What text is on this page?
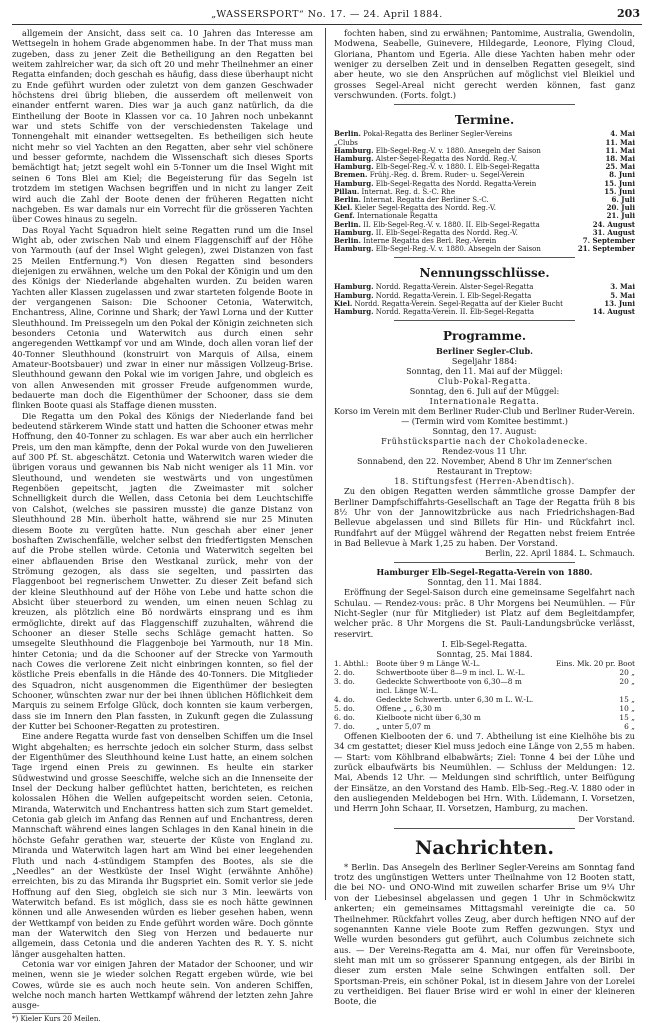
„WASSERSPORT“ No. 17. — 24. April 1884.	203

allgemein der Ansicht, dass seit ca. 10 Jahren das Interesse am Wettsegeln in hohem Grade abgenommen habe. In der That muss man zugeben, dass zu jener Zeit die Betheiligung an den Regatten bei weitem zahlreicher war, da sich oft 20 und mehr Theilnehmer an einer Regatta einfanden; doch geschah es häufig, dass diese überhaupt nicht zu Ende geführt wurden oder zuletzt von dem ganzen Geschwader höchstens drei übrig blieben, die ausserdem oft meilenweit von einander entfernt waren. Dies war ja auch ganz natürlich, da die Eintheilung der Boote in Klassen vor ca. 10 Jahren noch unbekannt war und stets Schiffe von der verschiedensten Takelage und Tonnengehalt mit einander wettsegelten. Es betheiligen sich heute nicht mehr so viel Yachten an den Regatten, aber sehr viel schönere und besser geformte, nachdem die Wissenschaft sich dieses Sports bemächtigt hat; jetzt segelt wohl ein 5-Tonner um die Insel Wight mit seinen 6 Tons Blei am Kiel; die Begeisterung für das Segeln ist trotzdem im stetigen Wachsen begriffen und in nicht zu langer Zeit wird auch die Zahl der Boote denen der früheren Regatten nicht nachgeben. Es war damals nur ein Vorrecht für die grösseren Yachten über Cowes hinaus zu segeln.

Das Royal Yacht Squadron hielt seine Regatten rund um die Insel Wight ab, oder zwischen Nab und einem Flaggenschiff auf der Höhe von Yarmouth (auf der Insel Wight gelegen), zwei Distanzen von fast 25 Meilen Entfernung.*) Von diesen Regatten sind besonders diejenigen zu erwähnen, welche um den Pokal der Königin und um den des Königs der Niederlande abgehalten wurden. Zu beiden waren Yachten aller Klassen zugelassen und zwar starteten folgende Boote in der vergangenen Saison: Die Schooner Cetonia, Waterwitch, Enchantress, Aline, Corinne und Shark; der Yawl Lorna und der Kutter Sleuthhound. Im Preissegeln um den Pokal der Königin zeichneten sich besonders Cetonia und Waterwitch aus durch einen sehr angeregenden Wettkampf vor und am Winde, doch allen voran lief der 40-Tonner Sleuthhound (konstruirt von Marquis of Ailsa, einem Amateur-Bootsbauer) und zwar in einer nur mässigen Vollzeug-Brise. Sleuthhound gewann den Pokal wie im vorigen Jahre, und obgleich es von allen Anwesenden mit grosser Freude aufgenommen wurde, bedauerte man doch die Eigenthümer der Schooner, dass sie dem flinken Boote quasi als Staffage dienen mussten.

Die Regatta um den Pokal des Königs der Niederlande fand bei bedeutend stärkerem Winde statt und hatten die Schooner etwas mehr Hoffnung, den 40-Tonner zu schlagen. Es war aber auch ein herrlicher Preis, um den man kämpfte, denn der Pokal wurde von den Juwelieren auf 300 Pf. St. abgeschätzt. Cetonia und Waterwitch waren wieder die übrigen voraus und gewannen bis Nab nicht weniger als 11 Min. vor Sleuthound, und wendeten sie westwärts und von ungestümen Regenböen gepeitscht, jagten die Zweimaster mit solcher Schnelligkeit durch die Wellen, dass Cetonia bei dem Leuchtschiffe von Calshot, (welches sie passiren musste) die ganze Distanz von Sleuthhound 28 Min. überholt hatte, während sie nur 25 Minuten diesem Boote zu vergüten hatte. Nun geschah aber einer jener boshaften Zwischenfälle, welcher selbst den friedfertigsten Menschen auf die Probe stellen würde. Cetonia und Waterwitch segelten bei einer abflauenden Brise den Westkanal zurück, mehr von der Strömung gezogen, als dass sie segelten, und passirten das Flaggenboot bei regnerischem Unwetter. Zu dieser Zeit befand sich der kleine Sleuthhound auf der Höhe von Lebe und hatte schon die Absicht über steuerbord zu wenden, um einen neuen Schlag zu kreuzen, als plötzlich eine Bö nordwärts einsprang und es ihm ermöglichte, direkt auf das Flaggenschiff zuzuhalten, während die Schooner an dieser Stelle sechs Schläge gemacht hatten. So umsegelte Sleuthhound die Flaggenboje bei Yarmouth, nur 18 Min. hinter Cetonia; und da die Schooner auf der Strecke von Yarmouth nach Cowes die verlorene Zeit nicht einbringen konnten, so fiel der köstliche Preis ebenfalls in die Hände des 40-Tonners. Die Mitglieder des Squadron, nicht ausgenommen die Eigenthümer der besiegten Schooner, wünschten zwar nur der bei ihnen üblichen Höflichkeit dem Marquis zu seinem Erfolge Glück, doch konnten sie kaum verbergen, dass sie im Innern den Plan fassten, in Zukunft gegen die Zulassung der Kutter bei Schooner-Regatten zu protestiren.

Eine andere Regatta wurde fast von denselben Schiffen um die Insel Wight abgehalten; es herrschte jedoch ein solcher Sturm, dass selbst der Eigenthümer des Sleuthhound keine Lust hatte, an einem solchen Tage irgend einen Preis zu gewinnen. Es heulte ein starker Südwestwind und grosse Seeschiffe, welche sich an die Innenseite der Insel der Deckung halber geflüchtet hatten, berichteten, es reichen kolossalen Höhen die Wellen aufgepeitscht worden seien. Cetonia, Miranda, Waterwitch und Enchantress hatten sich zum Start gemeldet. Cetonia gab gleich im Anfang das Rennen auf und Enchantress, deren Mannschaft während eines langen Schlages in den Kanal hinein in die höchste Gefahr gerathen war, steuerte der Küste von England zu. Miranda und Waterwitch lagen hart am Wind bei einer leegehenden Fluth und nach 4-stündigem Stampfen des Bootes, als sie die „Needles“ an der Westküste der Insel Wight (erwähnte Anhöhe) erreichten, bis zu das Miranda ihr Bugspriet ein. Somit verlor sie jede Hoffnung auf den Sieg, obgleich sie sich nur 3 Min. leewärts von Waterwitch befand. Es ist möglich, dass sie es noch hätte gewinnen können und alle Anwesenden würden es lieber gesehen haben, wenn der Wettkampf von beiden zu Ende geführt worden wäre. Doch gönnte man der Waterwitch den Sieg von Herzen und bedauerte nur allgemein, dass Cetonia und die anderen Yachten des R. Y. S. nicht länger ausgehalten hatten.

Cetonia war vor einigen Jahren der Matador der Schooner, und wir meinen, wenn sie je wieder solchen Regatt ergeben würde, wie bei Cowes, würde sie es auch noch heute sein. Von anderen Schiffen, welche noch manch harten Wettkampf während der letzten zehn Jahre ausge-

*) Kieler Kurs 20 Meilen.

fochten haben, sind zu erwähnen; Pantomime, Australia, Gwendolin, Modwena, Seabelle, Guinevere, Hildegarde, Leonore, Flying Cloud, Gloriana, Phantom und Egeria. Alle diese Yachten haben mehr oder weniger zu derselben Zeit und in denselben Regatten gesegelt, sind aber heute, wo sie den Ansprüchen auf möglichst viel Bleikiel und grosses Segel-Areal nicht gerecht werden können, fast ganz verschwunden. (Forts. folgt.)

Termine.
Berlin. Pokal-Regatta des Berliner Segler-Vereins	4. Mai
„Clubs	11. Mai
Hamburg. Elb-Segel-Reg.-V. v. 1880. Ansegeln der Saison	11. Mai
Hamburg. Alster-Segel-Regatta des Nordd. Reg.-V.	18. Mai
Hamburg. Elb-Segel-Reg.-V. v. 1880. I. Elb-Segel-Regatta	25. Mai
Bremen. Frühj.-Reg. d. Brem. Ruder- u. Segel-Verein	8. Juni
Hamburg. Elb-Segel-Regatta des Nordd. Regatta-Verein	15. Juni
Pillau. Internat. Reg. d. S.-C. Rhe	15. Juni
Berlin. Internat. Regatta der Berliner S.-C.	6. Juli
Kiel. Kieler Segel-Regatta des Nordd. Reg.-V.	20. Juli
Genf. Internationale Regatta	21. Juli
Berlin. II. Elb-Segel-Reg.-V. v. 1880. II. Elb-Segel-Regatta	24. August
Hamburg. II. Elb-Segel-Regatta des Nordd. Reg.-V.	31. August
Berlin. Interne Regatta des Berl. Reg.-Verein	7. September
Hamburg. Elb-Segel-Reg.-V. v. 1880. Absegeln der Saison	21. September
Nennungsschlüsse.
Hamburg. Nordd. Regatta-Verein. Alster-Segel-Regatta	3. Mai
Hamburg. Nordd. Regatta-Verein. I. Elb-Segel-Regatta	5. Mai
Kiel. Nordd. Regatta-Verein. Segel-Regatta auf der Kieler Bucht	13. Juni
Hamburg. Nordd. Regatta-Verein. II. Elb-Segel-Regatta	14. August
Programme.
Berliner Segler-Club.
Segeljahr 1884:
Sonntag, den 11. Mai auf der Müggel:
Club-Pokal-Regatta.
Sonntag, den 6. Juli auf der Müggel:
Internationale Regatta.
Korso im Verein mit dem Berliner Ruder-Club und Berliner Ruder-Verein. — (Termin wird vom Komitee bestimmt.)
Sonntag, den 17. August:
Frühstückspartie nach der Chokoladenecke.
Rendez-vous 11 Uhr.
Sonnabend, den 22. November, Abend 8 Uhr im Zenner'schen Restaurant in Treptow:
18. Stiftungsfest (Herren-Abendtisch).

Zu den obigen Regatten werden sämmtliche grosse Dampfer der Berliner Dampfschiffahrts-Gesellschaft an Tage der Regatta früh 8 bis 8½ Uhr von der Jannowitzbrücke aus nach Friedrichshagen-Bad Bellevue abgelassen und sind Billets für Hin- und Rückfahrt incl. Rundfahrt auf der Müggel während der Regatten nebst freiem Entrée in Bad Bellevue à Mark 1,25 zu haben. Der Vorstand.

Berlin, 22. April 1884. L. Schmauch.

Hamburger Elb-Segel-Regatta-Verein von 1880.
Sonntag, den 11. Mai 1884.

Eröffnung der Segel-Saison durch eine gemeinsame Segelfahrt nach Schulau. — Rendez-vous: präc. 8 Uhr Morgens bei Neumühlen. — Für Nicht-Segler (nur für Mitglieder) ist Platz auf dem Begleitdampfer, welcher präc. 8 Uhr Morgens die St. Pauli-Landungsbrücke verlässt, reservirt.

I. Elb-Segel-Regatta.
Sonntag, 25. Mai 1884.
1. Abthl.:	Boote über 9 m Länge W.-L.	Eins. Mk. 20 pr. Boot
2. do.	Schwertboote über 8—9 m incl. L. W.-L.	20 „
3. do.	Gedeckte Schwertboote von 6,30—8 m	20 „
incl. Länge W.-L.
4. do.	Gedeckte Schwertb. unter 6,30 m L. W.-L.	15 „
5. do.	Offene „ „ 6,30 m	10 „
6. do.	Kielboote nicht über 6,30 m	15 „
7. do.	„ unter 5,07 m	6 „

Offenen Kielbooten der 6. und 7. Abtheilung ist eine Kielhöhe bis zu 34 cm gestattet; dieser Kiel muss jedoch eine Länge von 2,55 m haben. — Start: vom Köhlbrand elbabwärts; Ziel: Tonne 4 bei der Lühe und zurück elbaufwärts bis Neumühlen. — Schluss der Meldungen: 12. Mai, Abends 12 Uhr. — Meldungen sind schriftlich, unter Beifügung der Einsätze, an den Vorstand des Hamb. Elb-Seg.-Reg.-V. 1880 oder in den ausliegenden Meldebogen bei Hrn. With. Lüdemann, I. Vorsetzen, und Herrn John Schaar, II. Vorsetzen, Hamburg, zu machen.

Der Vorstand.

Nachrichten.

* Berlin. Das Ansegeln des Berliner Segler-Vereins am Sonntag fand trotz des ungünstigen Wetters unter Theilnahme von 12 Booten statt, die bei NO- und ONO-Wind mit zuweilen scharfer Brise um 9¼ Uhr von der Liebesinsel abgelassen und gegen 1 Uhr in Schmöckwitz ankerten; ein gemeinsames Mittagsmahl vereinigte die ca. 50 Theilnehmer. Rückfahrt volles Zeug, aber durch heftigen NNO auf der sogenannten Kanne viele Boote zum Reffen gezwungen. Styx und Welle wurden besonders gut geführt, auch Columbus zeichnete sich aus. — Der Vereins-Regatta am 4. Mai, nur offen für Vereinsboote, sieht man mit um so grösserer Spannung entgegen, als der Biribi in dieser zum ersten Male seine Schwingen entfalten soll. Der Sportsman-Preis, ein schöner Pokal, ist in diesem Jahre von der Lorelei zu vertheidigen. Bei flauer Brise wird er wohl in einer der kleineren Boote, die
